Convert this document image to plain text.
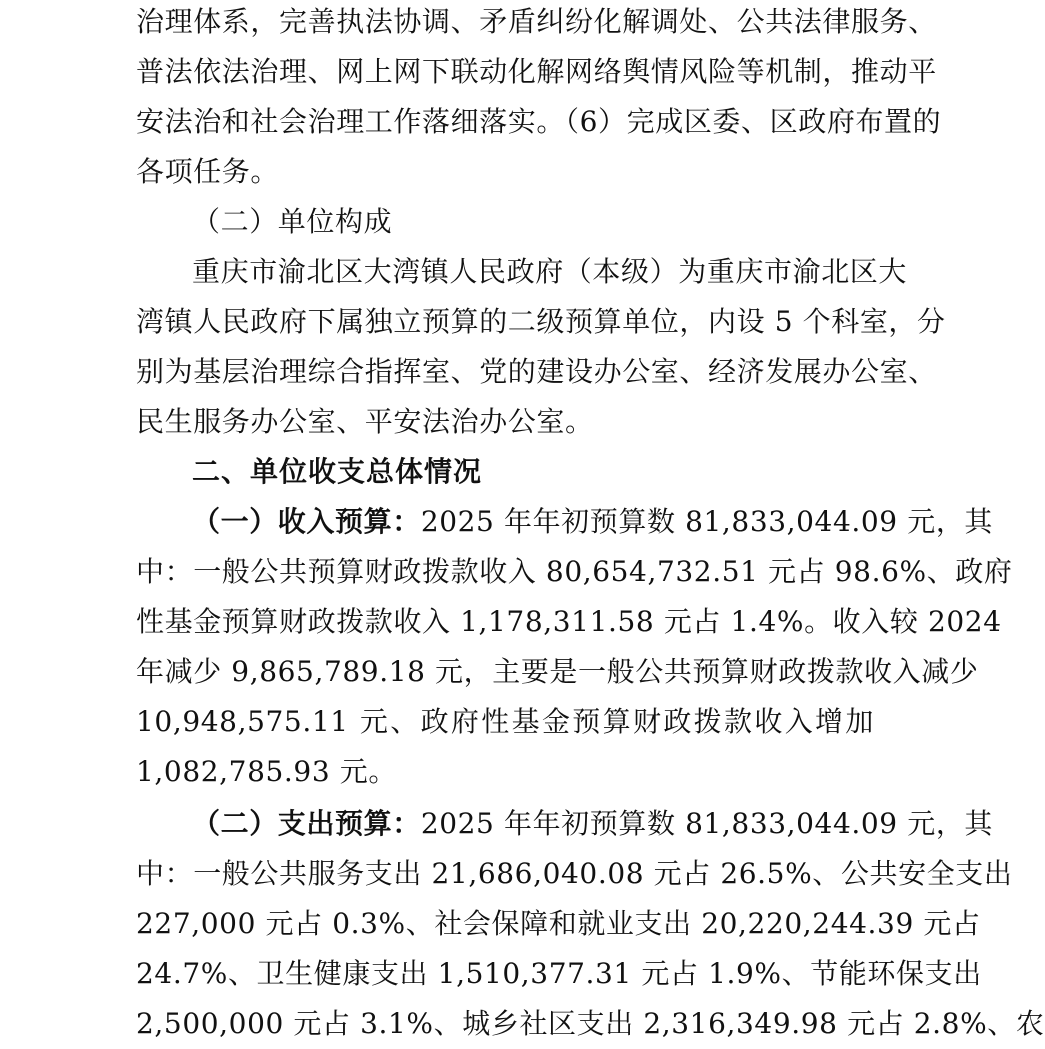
治理体系，完善执法协调、矛盾纠纷化解调处、公共法律服务、
普法依法治理、网上网下联动化解网络舆情风险等机制，推动平
安法治和社会治理工作落细落实。（6）完成区委、区政府布置的
各项任务。
（二）单位构成
重庆市渝北区大湾镇人民政府（本级）为重庆市渝北区大
湾镇人民政府下属独立预算的二级预算单位，内设 5 个科室，分
别为基层治理综合指挥室、党的建设办公室、经济发展办公室、
民生服务办公室、平安法治办公室。
二、单位收支总体情况
（一）收入预算：2025 年年初预算数 81,833,044.09 元，其
中：一般公共预算财政拨款收入 80,654,732.51 元占 98.6%、政府
性基金预算财政拨款收入 1,178,311.58 元占 1.4%。收入较 2024
年减少 9,865,789.18 元，主要是一般公共预算财政拨款收入减少
10,948,575.11 元、政府性基金预算财政拨款收入增加
1,082,785.93 元。
（二）支出预算：2025 年年初预算数 81,833,044.09 元，其
中：一般公共服务支出 21,686,040.08 元占 26.5%、公共安全支出
227,000 元占 0.3%、社会保障和就业支出 20,220,244.39 元占
24.7%、卫生健康支出 1,510,377.31 元占 1.9%、节能环保支出
2,500,000 元占 3.1%、城乡社区支出 2,316,349.98 元占 2.8%、农
